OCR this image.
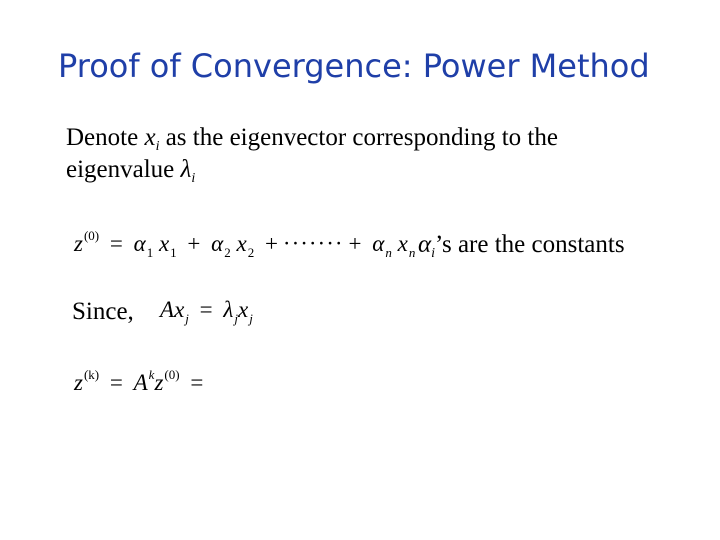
Proof of Convergence: Power Method
Denote $x_i$ as the eigenvector corresponding to the
eigenvalue $\lambda_i$
$z^{(0)} = \alpha_1$ $x_1 + \alpha_2$ $x_2$ + ······· + $\alpha_n$ $x_n$ $\alpha_i’s$ are the constants
Since, $Ax_j = \lambda_jx_j$
$z^{(k)} = A^kz^{(0)}$ =
